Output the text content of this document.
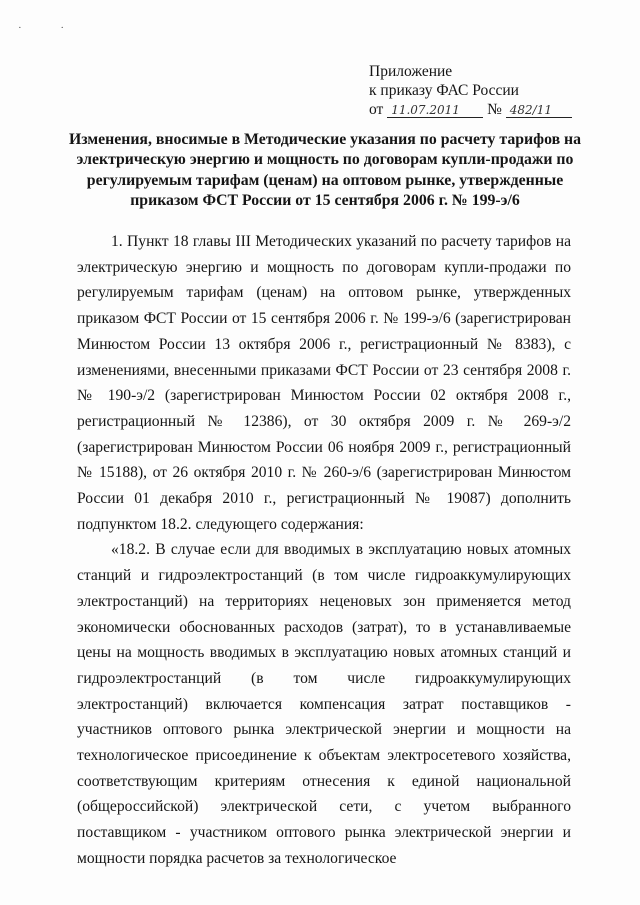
· ·
Приложение
к приказу ФАС России
от 11.07.2011 № 482/11
Изменения, вносимые в Методические указания по расчету тарифов на электрическую энергию и мощность по договорам купли-продажи по регулируемым тарифам (ценам) на оптовом рынке, утвержденные приказом ФСТ России от 15 сентября 2006 г. № 199-э/6

1. Пункт 18 главы III Методических указаний по расчету тарифов на электрическую энергию и мощность по договорам купли-продажи по регулируемым тарифам (ценам) на оптовом рынке, утвержденных приказом ФСТ России от 15 сентября 2006 г. № 199-э/6 (зарегистрирован Минюстом России 13 октября 2006 г., регистрационный № 8383), с изменениями, внесенными приказами ФСТ России от 23 сентября 2008 г. № 190-э/2 (зарегистрирован Минюстом России 02 октября 2008 г., регистрационный № 12386), от 30 октября 2009 г. № 269-э/2 (зарегистрирован Минюстом России 06 ноября 2009 г., регистрационный № 15188), от 26 октября 2010 г. № 260-э/6 (зарегистрирован Минюстом России 01 декабря 2010 г., регистрационный № 19087) дополнить подпунктом 18.2. следующего содержания:

«18.2. В случае если для вводимых в эксплуатацию новых атомных станций и гидроэлектростанций (в том числе гидроаккумулирующих электростанций) на территориях неценовых зон применяется метод экономически обоснованных расходов (затрат), то в устанавливаемые цены на мощность вводимых в эксплуатацию новых атомных станций и гидроэлектростанций (в том числе гидроаккумулирующих электростанций) включается компенсация затрат поставщиков - участников оптового рынка электрической энергии и мощности на технологическое присоединение к объектам электросетевого хозяйства, соответствующим критериям отнесения к единой национальной (общероссийской) электрической сети, с учетом выбранного поставщиком - участником оптового рынка электрической энергии и мощности порядка расчетов за технологическое
